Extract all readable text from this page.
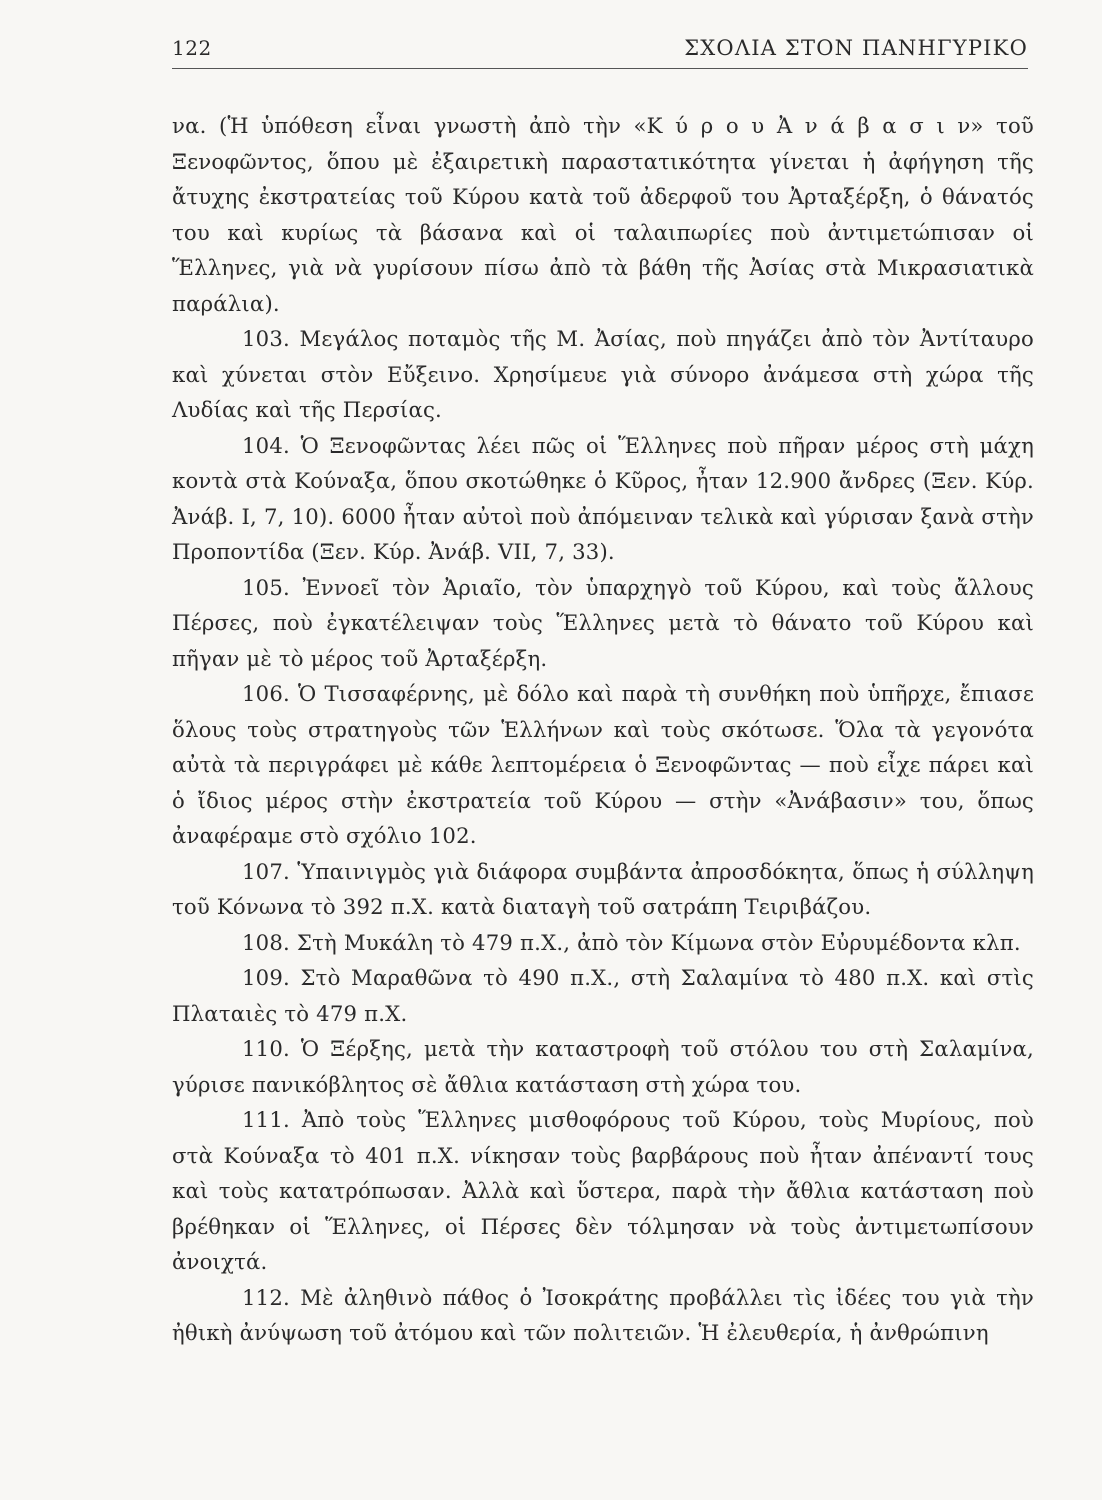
122	ΣΧΟΛΙΑ ΣΤΟΝ ΠΑΝΗΓΥΡΙΚΟ

να. (Ἡ ὑπόθεση εἶναι γνωστὴ ἀπὸ τὴν «Κ ύ ρ ο υ Ἀ ν ά β α σ ι ν» τοῦ Ξενοφῶντος, ὅπου μὲ ἐξαιρετικὴ παραστατικότητα γίνεται ἡ ἀφήγηση τῆς ἄτυχης ἐκστρατείας τοῦ Κύρου κατὰ τοῦ ἀδερφοῦ του Ἀρταξέρξη, ὁ θάνατός του καὶ κυρίως τὰ βάσανα καὶ οἱ ταλαιπωρίες ποὺ ἀντιμετώπισαν οἱ Ἕλληνες, γιὰ νὰ γυρίσουν πίσω ἀπὸ τὰ βάθη τῆς Ἀσίας στὰ Μικρασιατικὰ παράλια).

103. Μεγάλος ποταμὸς τῆς Μ. Ἀσίας, ποὺ πηγάζει ἀπὸ τὸν Ἀντίταυρο καὶ χύνεται στὸν Εὔξεινο. Χρησίμευε γιὰ σύνορο ἀνάμεσα στὴ χώρα τῆς Λυδίας καὶ τῆς Περσίας.

104. Ὁ Ξενοφῶντας λέει πῶς οἱ Ἕλληνες ποὺ πῆραν μέρος στὴ μάχη κοντὰ στὰ Κούναξα, ὅπου σκοτώθηκε ὁ Κῦρος, ἦταν 12.900 ἄνδρες (Ξεν. Κύρ. Ἀνάβ. Ι, 7, 10). 6000 ἦταν αὐτοὶ ποὺ ἀπόμειναν τελικὰ καὶ γύρισαν ξανὰ στὴν Προποντίδα (Ξεν. Κύρ. Ἀνάβ. VII, 7, 33).

105. Ἐννοεῖ τὸν Ἀριαῖο, τὸν ὑπαρχηγὸ τοῦ Κύρου, καὶ τοὺς ἄλλους Πέρσες, ποὺ ἐγκατέλειψαν τοὺς Ἕλληνες μετὰ τὸ θάνατο τοῦ Κύρου καὶ πῆγαν μὲ τὸ μέρος τοῦ Ἀρταξέρξη.

106. Ὁ Τισσαφέρνης, μὲ δόλο καὶ παρὰ τὴ συνθήκη ποὺ ὑπῆρχε, ἔπιασε ὅλους τοὺς στρατηγοὺς τῶν Ἑλλήνων καὶ τοὺς σκότωσε. Ὅλα τὰ γεγονότα αὐτὰ τὰ περιγράφει μὲ κάθε λεπτομέρεια ὁ Ξενοφῶντας — ποὺ εἶχε πάρει καὶ ὁ ἴδιος μέρος στὴν ἐκστρατεία τοῦ Κύρου — στὴν «Ἀνάβασιν» του, ὅπως ἀναφέραμε στὸ σχόλιο 102.

107. Ὑπαινιγμὸς γιὰ διάφορα συμβάντα ἀπροσδόκητα, ὅπως ἡ σύλληψη τοῦ Κόνωνα τὸ 392 π.Χ. κατὰ διαταγὴ τοῦ σατράπη Τειριβάζου.

108. Στὴ Μυκάλη τὸ 479 π.Χ., ἀπὸ τὸν Κίμωνα στὸν Εὐρυμέδοντα κλπ.

109. Στὸ Μαραθῶνα τὸ 490 π.Χ., στὴ Σαλαμίνα τὸ 480 π.Χ. καὶ στὶς Πλαταιὲς τὸ 479 π.Χ.

110. Ὁ Ξέρξης, μετὰ τὴν καταστροφὴ τοῦ στόλου του στὴ Σαλαμίνα, γύρισε πανικόβλητος σὲ ἄθλια κατάσταση στὴ χώρα του.

111. Ἀπὸ τοὺς Ἕλληνες μισθοφόρους τοῦ Κύρου, τοὺς Μυρίους, ποὺ στὰ Κούναξα τὸ 401 π.Χ. νίκησαν τοὺς βαρβάρους ποὺ ἦταν ἀπέναντί τους καὶ τοὺς κατατρόπωσαν. Ἀλλὰ καὶ ὕστερα, παρὰ τὴν ἄθλια κατάσταση ποὺ βρέθηκαν οἱ Ἕλληνες, οἱ Πέρσες δὲν τόλμησαν νὰ τοὺς ἀντιμετωπίσουν ἀνοιχτά.

112. Μὲ ἀληθινὸ πάθος ὁ Ἰσοκράτης προβάλλει τὶς ἰδέες του γιὰ τὴν ἠθικὴ ἀνύψωση τοῦ ἀτόμου καὶ τῶν πολιτειῶν. Ἡ ἐλευθερία, ἡ ἀνθρώπινη
